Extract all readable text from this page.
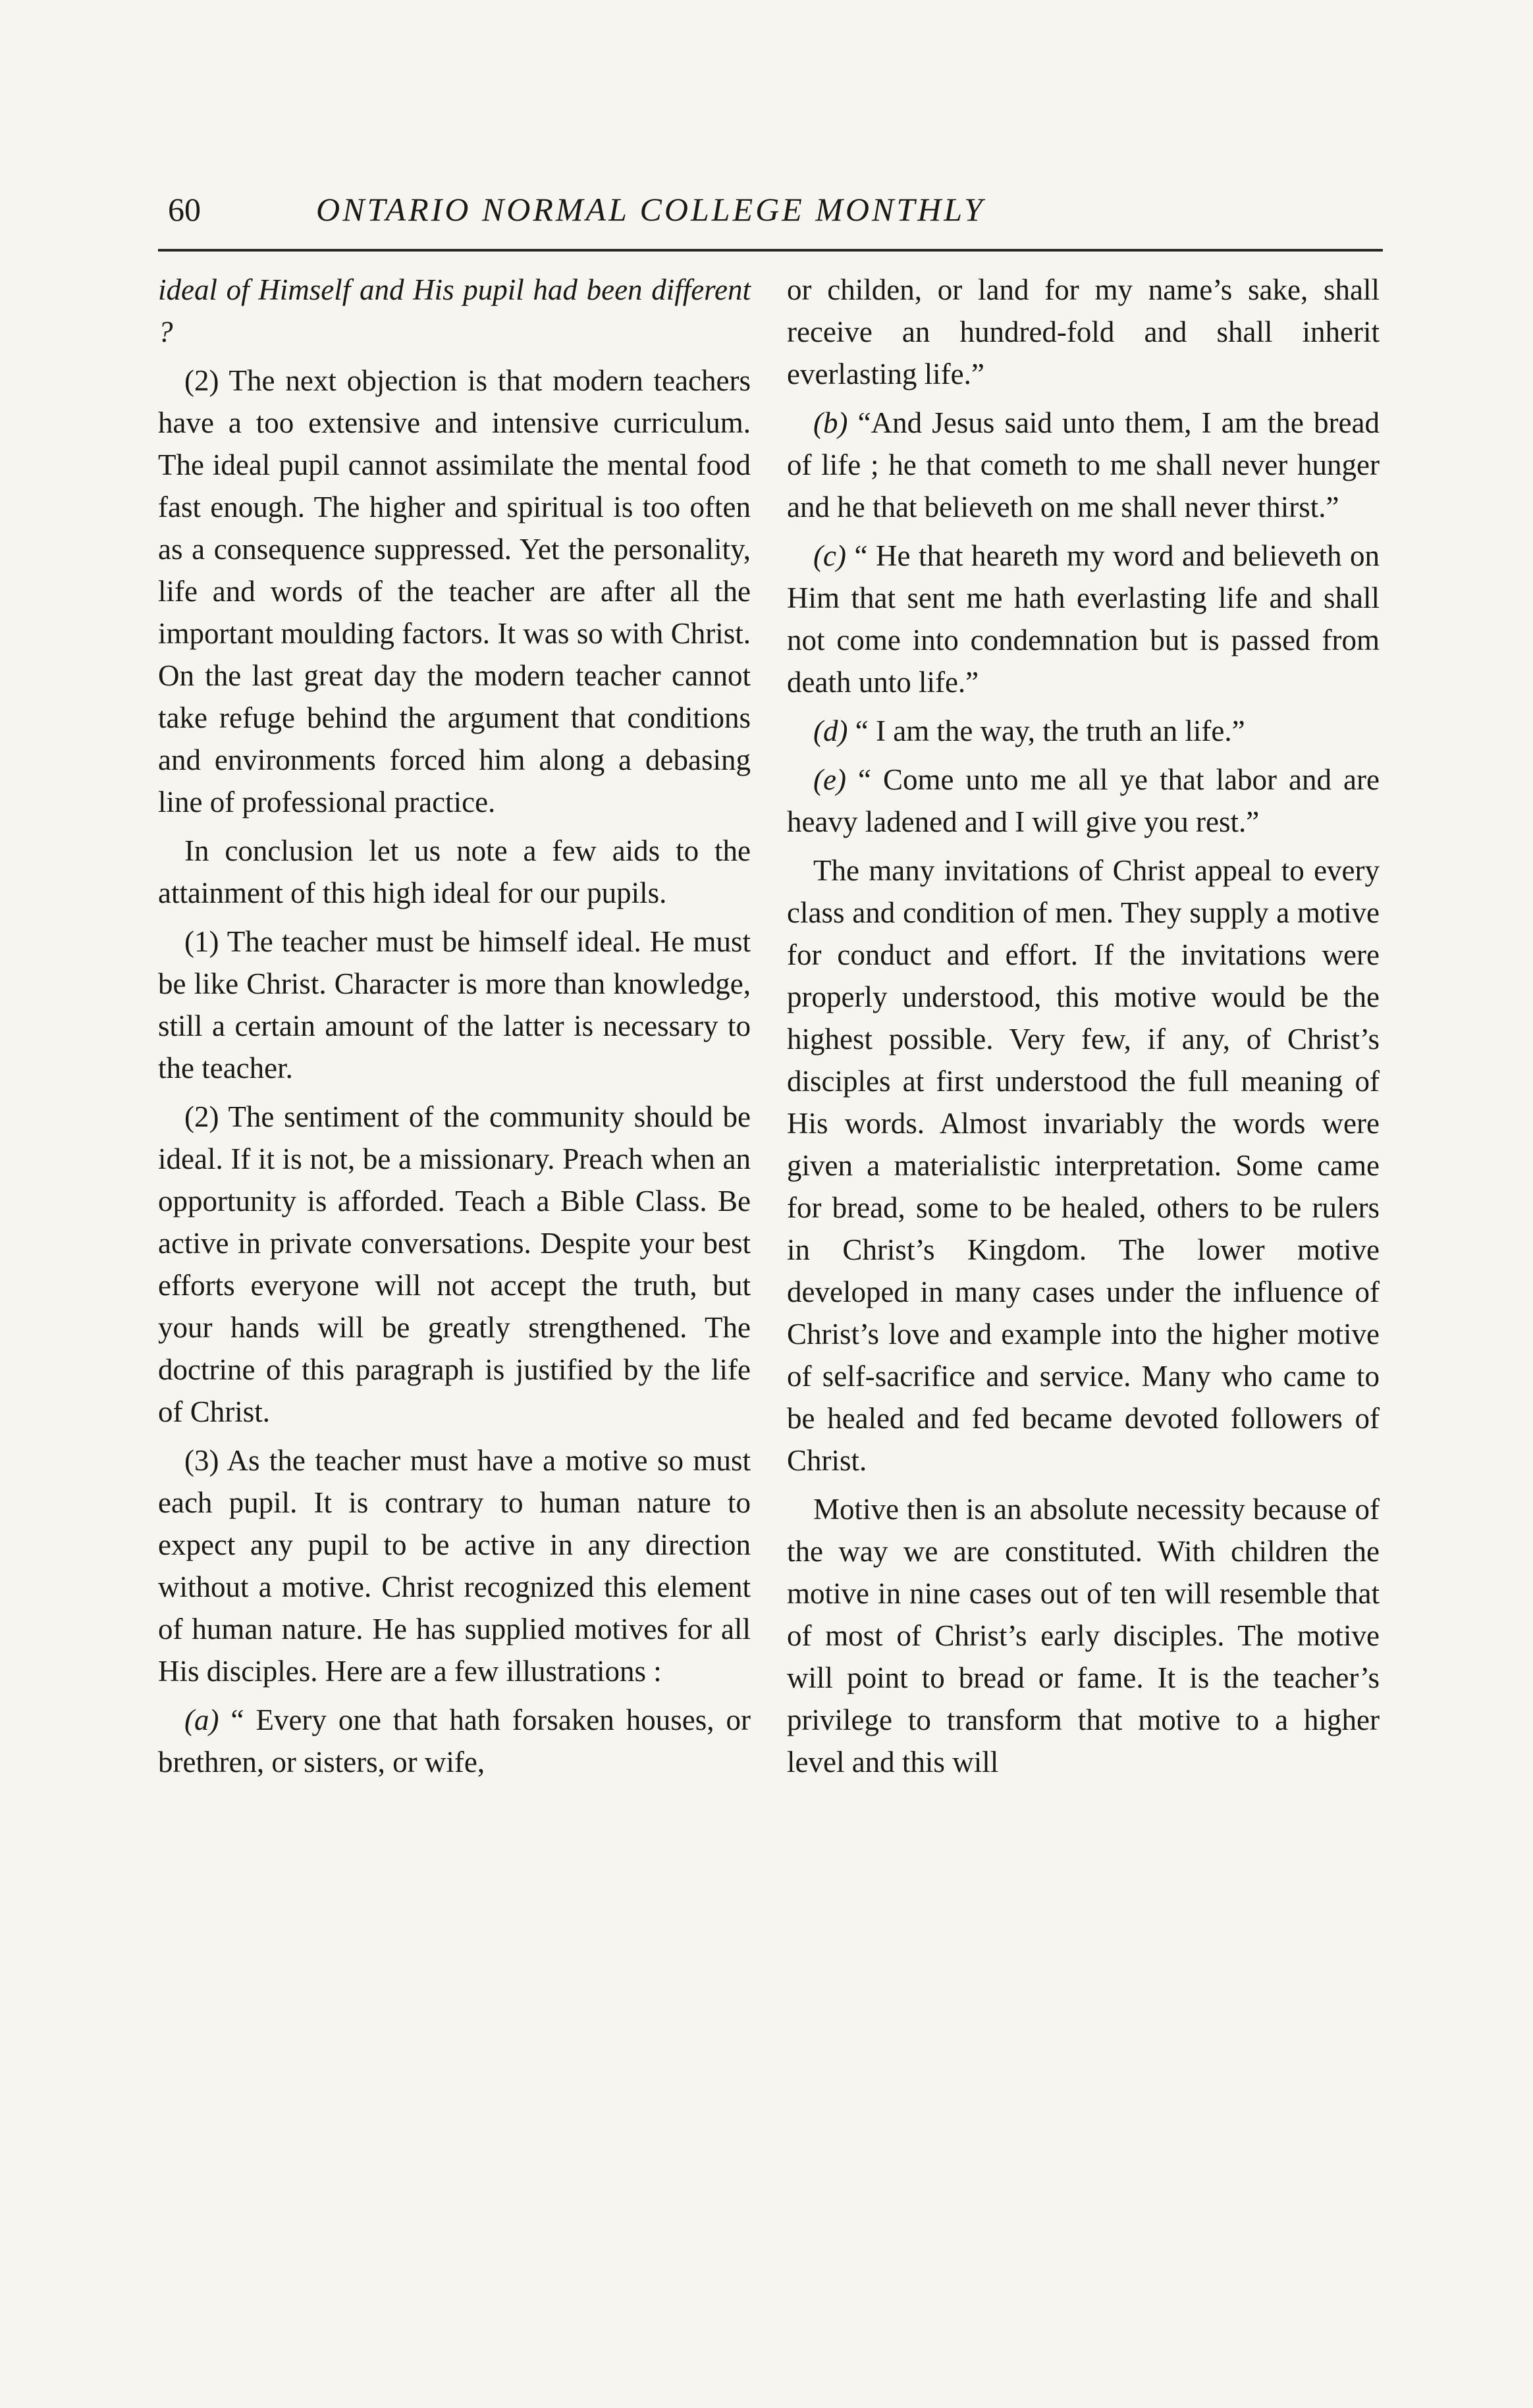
60	ONTARIO NORMAL COLLEGE MONTHLY

ideal of Himself and His pupil had been different ?

(2) The next objection is that modern teachers have a too extensive and intensive curriculum. The ideal pupil cannot assimilate the mental food fast enough. The higher and spiritual is too often as a consequence suppressed. Yet the personality, life and words of the teacher are after all the important moulding factors. It was so with Christ. On the last great day the modern teacher cannot take refuge behind the argument that conditions and environments forced him along a debasing line of professional practice.

In conclusion let us note a few aids to the attainment of this high ideal for our pupils.

(1) The teacher must be himself ideal. He must be like Christ. Character is more than knowledge, still a certain amount of the latter is necessary to the teacher.

(2) The sentiment of the community should be ideal. If it is not, be a missionary. Preach when an opportunity is afforded. Teach a Bible Class. Be active in private conversations. Despite your best efforts everyone will not accept the truth, but your hands will be greatly strengthened. The doctrine of this paragraph is justified by the life of Christ.

(3) As the teacher must have a motive so must each pupil. It is contrary to human nature to expect any pupil to be active in any direction without a motive. Christ recognized this element of human nature. He has supplied motives for all His disciples. Here are a few illustrations :

(a) “ Every one that hath forsaken houses, or brethren, or sisters, or wife,

or childen, or land for my name’s sake, shall receive an hundred-fold and shall inherit everlasting life.”

(b) “And Jesus said unto them, I am the bread of life ; he that cometh to me shall never hunger and he that believeth on me shall never thirst.”

(c) “ He that heareth my word and believeth on Him that sent me hath everlasting life and shall not come into condemnation but is passed from death unto life.”

(d) “ I am the way, the truth an life.”

(e) “ Come unto me all ye that labor and are heavy ladened and I will give you rest.”

The many invitations of Christ appeal to every class and condition of men. They supply a motive for conduct and effort. If the invitations were properly understood, this motive would be the highest possible. Very few, if any, of Christ’s disciples at first understood the full meaning of His words. Almost invariably the words were given a materialistic interpretation. Some came for bread, some to be healed, others to be rulers in Christ’s Kingdom. The lower motive developed in many cases under the influence of Christ’s love and example into the higher motive of self-sacrifice and service. Many who came to be healed and fed became devoted followers of Christ.

Motive then is an absolute necessity because of the way we are constituted. With children the motive in nine cases out of ten will resemble that of most of Christ’s early disciples. The motive will point to bread or fame. It is the teacher’s privilege to transform that motive to a higher level and this will
